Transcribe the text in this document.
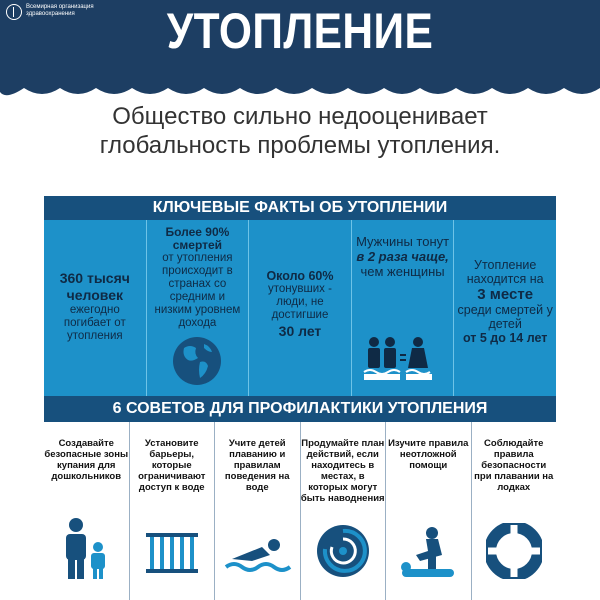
Всемирная организация
здравоохранения	УТОПЛЕНИЕ
Общество сильно недооценивает
глобальность проблемы утопления.
КЛЮЧЕВЫЕ ФАКТЫ ОБ УТОПЛЕНИИ
360 тысяч человек
ежегодно погибает от утопления
Более 90% смертей
от утопления происходит в странах со средним и низким уровнем дохода
Около 60%
утонувших - люди, не достигшие
30 лет
Мужчины тонут
в 2 раза чаще,
чем женщины	Утопление находится на
3 месте
среди смертей у детей
от 5 до 14 лет
6 СОВЕТОВ ДЛЯ ПРОФИЛАКТИКИ УТОПЛЕНИЯ
Создавайте безопасные зоны купания для дошкольников
Установите барьеры, которые ограничивают доступ к воде
Учите детей плаванию и правилам поведения на воде
Продумайте план действий, если находитесь в местах, в которых могут быть наводнения
Изучите правила неотложной помощи
Соблюдайте правила безопасности при плавании на лодках
